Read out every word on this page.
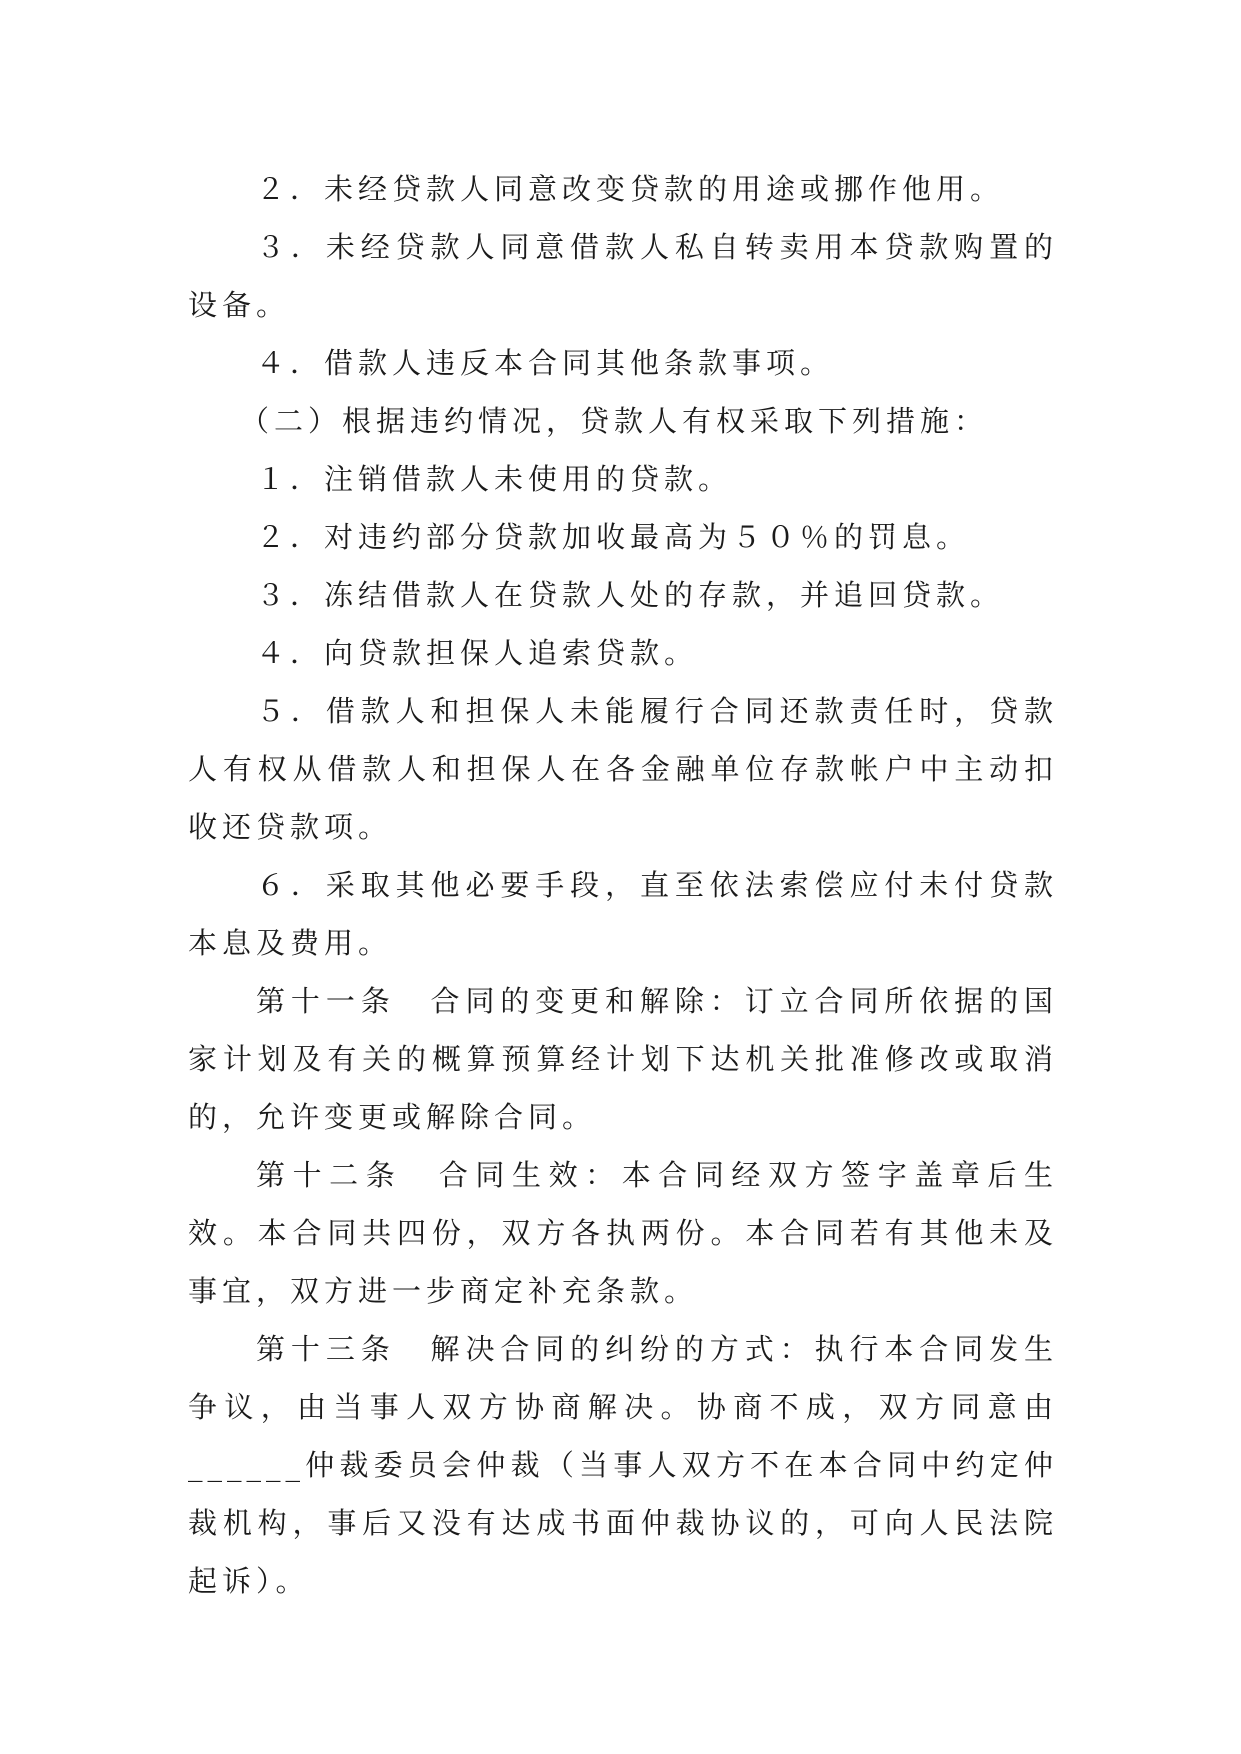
２．未经贷款人同意改变贷款的用途或挪作他用。

３．未经贷款人同意借款人私自转卖用本贷款购置的设备。

４．借款人违反本合同其他条款事项。

（二）根据违约情况，贷款人有权采取下列措施：

１．注销借款人未使用的贷款。

２．对违约部分贷款加收最高为５０％的罚息。

３．冻结借款人在贷款人处的存款，并追回贷款。

４．向贷款担保人追索贷款。

５．借款人和担保人未能履行合同还款责任时，贷款人有权从借款人和担保人在各金融单位存款帐户中主动扣收还贷款项。

６．采取其他必要手段，直至依法索偿应付未付贷款本息及费用。

第十一条　合同的变更和解除：订立合同所依据的国家计划及有关的概算预算经计划下达机关批准修改或取消的，允许变更或解除合同。

第十二条　合同生效：本合同经双方签字盖章后生效。本合同共四份，双方各执两份。本合同若有其他未及事宜，双方进一步商定补充条款。

第十三条　解决合同的纠纷的方式：执行本合同发生争议，由当事人双方协商解决。协商不成，双方同意由______仲裁委员会仲裁（当事人双方不在本合同中约定仲裁机构，事后又没有达成书面仲裁协议的，可向人民法院起诉）。
